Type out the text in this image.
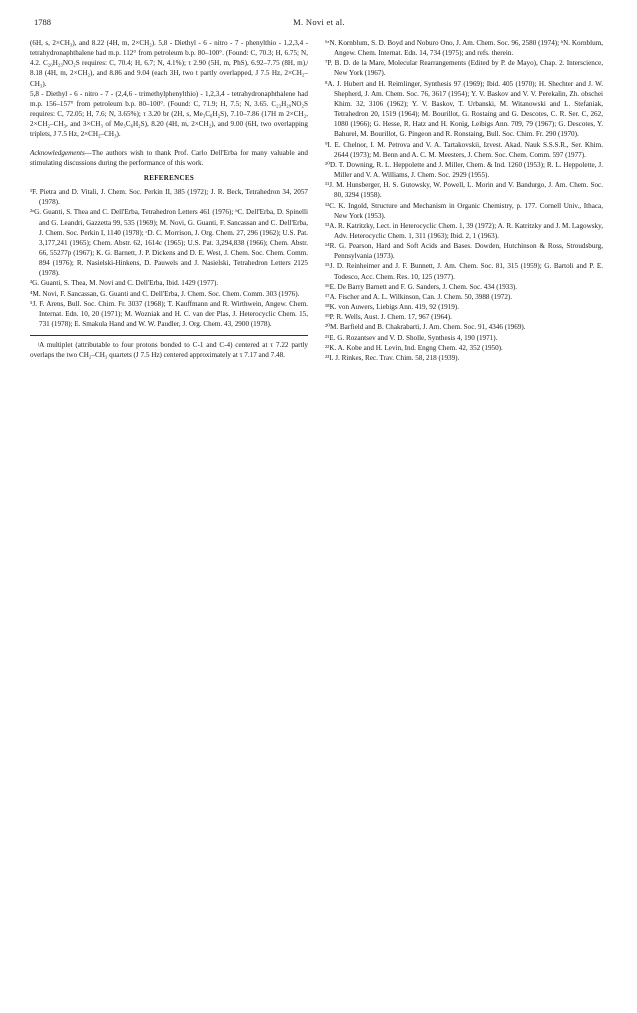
1788	M. Novi et al.

(6H, s, 2×CH₃), and 8.22 (4H, m, 2×CH₂). 5,8 - Diethyl - 6 - nitro - 7 - phenylthio - 1,2,3,4 - tetrahydronaphthalene had m.p. 112° from petroleum b.p. 80–100°. (Found: C, 70.3; H, 6.75; N, 4.2. C₂₀H₂₃NO₂S requires: C, 70.4; H, 6.7; N, 4.1%); τ 2.90 (5H, m, PhS), 6.92–7.75 (8H, m),ʲ 8.18 (4H, m, 2×CH₂), and 8.86 and 9.04 (each 3H, two t partly overlapped, J 7.5 Hz, 2×CH₂–CH₃).

5,8 - Diethyl - 6 - nitro - 7 - (2,4,6 - trimethylphenylthio) - 1,2,3,4 - tetrahydronaphthalene had m.p. 156–157° from petroleum b.p. 80–100°. (Found: C, 71.9; H, 7.5; N, 3.65. C₂₃H₂₉NO₂S requires: C, 72.05; H, 7.6; N, 3.65%); τ 3.20 br (2H, s, Me₃C₆H₂S), 7.10–7.86 (17H m 2×CH₂, 2×CH₂–CH₃, and 3×CH₃ of Me₃C₆H₂S), 8.20 (4H, m, 2×CH₂), and 9.00 (6H, two overlapping triplets, J 7.5 Hz, 2×CH₂–CH₃).

Acknowledgements—The authors wish to thank Prof. Carlo Dell'Erba for many valuable and stimulating discussions during the performance of this work.

REFERENCES

¹F. Pietra and D. Vitali, J. Chem. Soc. Perkin II, 385 (1972); J. R. Beck, Tetrahedron 34, 2057 (1978).

²ᵃG. Guanti, S. Thea and C. Dell'Erba, Tetrahedron Letters 461 (1976); ᵇC. Dell'Erba, D. Spinelli and G. Leandri, Gazzetta 99, 535 (1969); M. Novi, G. Guanti, F. Sancassan and C. Dell'Erba, J. Chem. Soc. Perkin I, 1140 (1978); ᶜD. C. Morrison, J. Org. Chem. 27, 296 (1962); U.S. Pat. 3,177,241 (1965); Chem. Abstr. 62, 1614c (1965); U.S. Pat. 3,294,838 (1966); Chem. Abstr. 66, 55277p (1967); K. G. Barnett, J. P. Dickens and D. E. West, J. Chem. Soc. Chem. Comm. 894 (1976); R. Nasielski-Hinkens, D. Pauwels and J. Nasielski, Tetrahedron Letters 2125 (1978).

³G. Guanti, S. Thea, M. Novi and C. Dell'Erba, Ibid. 1429 (1977).

⁴M. Novi, F. Sancassan, G. Guanti and C. Dell'Erba, J. Chem. Soc. Chem. Comm. 303 (1976).

⁵J. F. Arens, Bull. Soc. Chim. Fr. 3037 (1968); T. Kauffmann and R. Wirthwein, Angew. Chem. Internat. Edn. 10, 20 (1971); M. Wozniak and H. C. van der Plas, J. Heterocyclic Chem. 15, 731 (1978); E. Smakula Hand and W. W. Paudler, J. Org. Chem. 43, 2900 (1978).

ʲA multiplet (attributable to four protons bonded to C-1 and C-4) centered at τ 7.22 partly overlaps the two CH₂–CH₃ quartets (J 7.5 Hz) centered approximately at τ 7.17 and 7.48.

⁶ᵃN. Kornblum, S. D. Boyd and Noburo Ono, J. Am. Chem. Soc. 96, 2580 (1974); ᵇN. Kornblum, Angew. Chem. Internat. Edn. 14, 734 (1975); and refs. therein.

⁷P. B. D. de la Mare, Molecular Rearrangements (Edited by P. de Mayo), Chap. 2. Interscience, New York (1967).

⁸A. J. Hubert and H. Reimlinger, Synthesis 97 (1969); Ibid. 405 (1970); H. Shechter and J. W. Shepherd, J. Am. Chem. Soc. 76, 3617 (1954); Y. V. Baskov and V. V. Perekalin, Zh. obschei Khim. 32, 3106 (1962); Y. V. Baskov, T. Urbanski, M. Witanowski and L. Stefaniak, Tetrahedron 20, 1519 (1964); M. Bourillot, G. Rostaing and G. Descotes, C. R. Ser. C, 262, 1080 (1966); G. Hesse, R. Hatz and H. Konig, Leibigs Ann. 709, 79 (1967); G. Descotes, Y. Bahurel, M. Bourillot, G. Pingeon and R. Ronstaing, Bull. Soc. Chim. Fr. 290 (1970).

⁹I. E. Chelnor, I. M. Petrova and V. A. Tartakovskii, Izvest. Akad. Nauk S.S.S.R., Ser. Khim. 2644 (1973); M. Benn and A. C. M. Meesters, J. Chem. Soc. Chem. Comm. 597 (1977).

¹⁰D. T. Downing, R. L. Heppolette and J. Miller, Chem. & Ind. 1260 (1953); R. L. Heppolette, J. Miller and V. A. Williams, J. Chem. Soc. 2929 (1955).

¹¹J. M. Hunsberger, H. S. Gutowsky, W. Powell, L. Morin and V. Bandurgo, J. Am. Chem. Soc. 80, 3294 (1958).

¹²C. K. Ingold, Structure and Mechanism in Organic Chemistry, p. 177. Cornell Univ., Ithaca, New York (1953).

¹³A. R. Katritzky, Lect. in Heterocyclic Chem. 1, 39 (1972); A. R. Katritzky and J. M. Lagowsky, Adv. Heterocyclic Chem. 1, 311 (1963); Ibid. 2, 1 (1963).

¹⁴R. G. Pearson, Hard and Soft Acids and Bases. Dowden, Hutchinson & Ross, Stroudsburg, Pennsylvania (1973).

¹⁵J. D. Reinheimer and J. F. Bunnett, J. Am. Chem. Soc. 81, 315 (1959); G. Bartoli and P. E. Todesco, Acc. Chem. Res. 10, 125 (1977).

¹⁶E. De Barry Barnett and F. G. Sanders, J. Chem. Soc. 434 (1933).

¹⁷A. Fischer and A. L. Wilkinson, Can. J. Chem. 50, 3988 (1972).

¹⁸K. von Auwers, Liebigs Ann. 419, 92 (1919).

¹⁹P. R. Wells, Aust. J. Chem. 17, 967 (1964).

²⁰M. Barfield and B. Chakrabarti, J. Am. Chem. Soc. 91, 4346 (1969).

²¹E. G. Rozantsev and V. D. Sholle, Synthesis 4, 190 (1971).

²²K. A. Kobe and H. Levin, Ind. Engng Chem. 42, 352 (1950).

²³I. J. Rinkes, Rec. Trav. Chim. 58, 218 (1939).
